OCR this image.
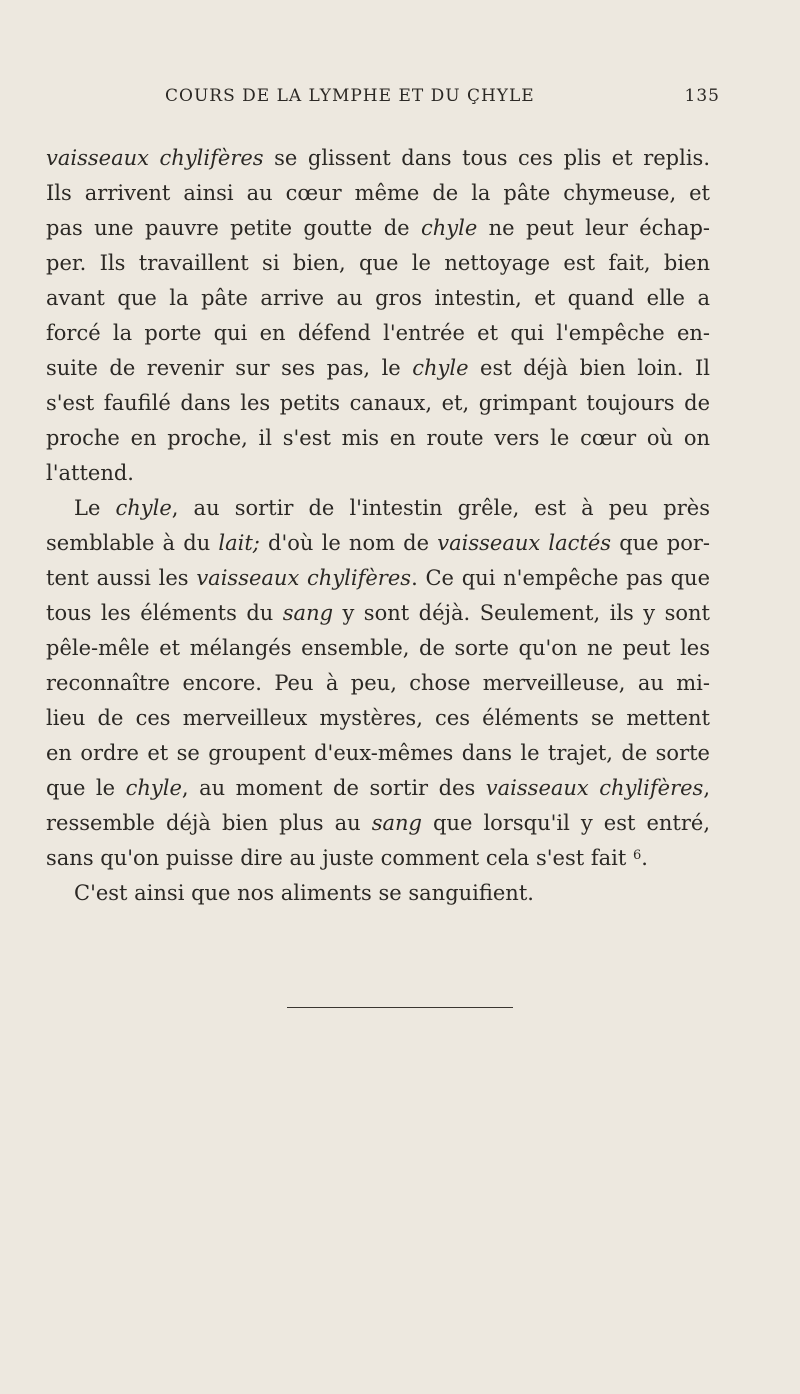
COURS DE LA LYMPHE ET DU ÇHYLE	135
vaisseaux chylifères se glissent dans tous ces plis et replis.
Ils arrivent ainsi au cœur même de la pâte chymeuse, et
pas une pauvre petite goutte de chyle ne peut leur échap-
per. Ils travaillent si bien, que le nettoyage est fait, bien
avant que la pâte arrive au gros intestin, et quand elle a
forcé la porte qui en défend l'entrée et qui l'empêche en-
suite de revenir sur ses pas, le chyle est déjà bien loin. Il
s'est faufilé dans les petits canaux, et, grimpant toujours de
proche en proche, il s'est mis en route vers le cœur où on
l'attend.
Le chyle, au sortir de l'intestin grêle, est à peu près
semblable à du lait; d'où le nom de vaisseaux lactés que por-
tent aussi les vaisseaux chylifères. Ce qui n'empêche pas que
tous les éléments du sang y sont déjà. Seulement, ils y sont
pêle-mêle et mélangés ensemble, de sorte qu'on ne peut les
reconnaître encore. Peu à peu, chose merveilleuse, au mi-
lieu de ces merveilleux mystères, ces éléments se mettent
en ordre et se groupent d'eux-mêmes dans le trajet, de sorte
que le chyle, au moment de sortir des vaisseaux chylifères,
ressemble déjà bien plus au sang que lorsqu'il y est entré,
sans qu'on puisse dire au juste comment cela s'est fait $^6$.
C'est ainsi que nos aliments se sanguifient.
